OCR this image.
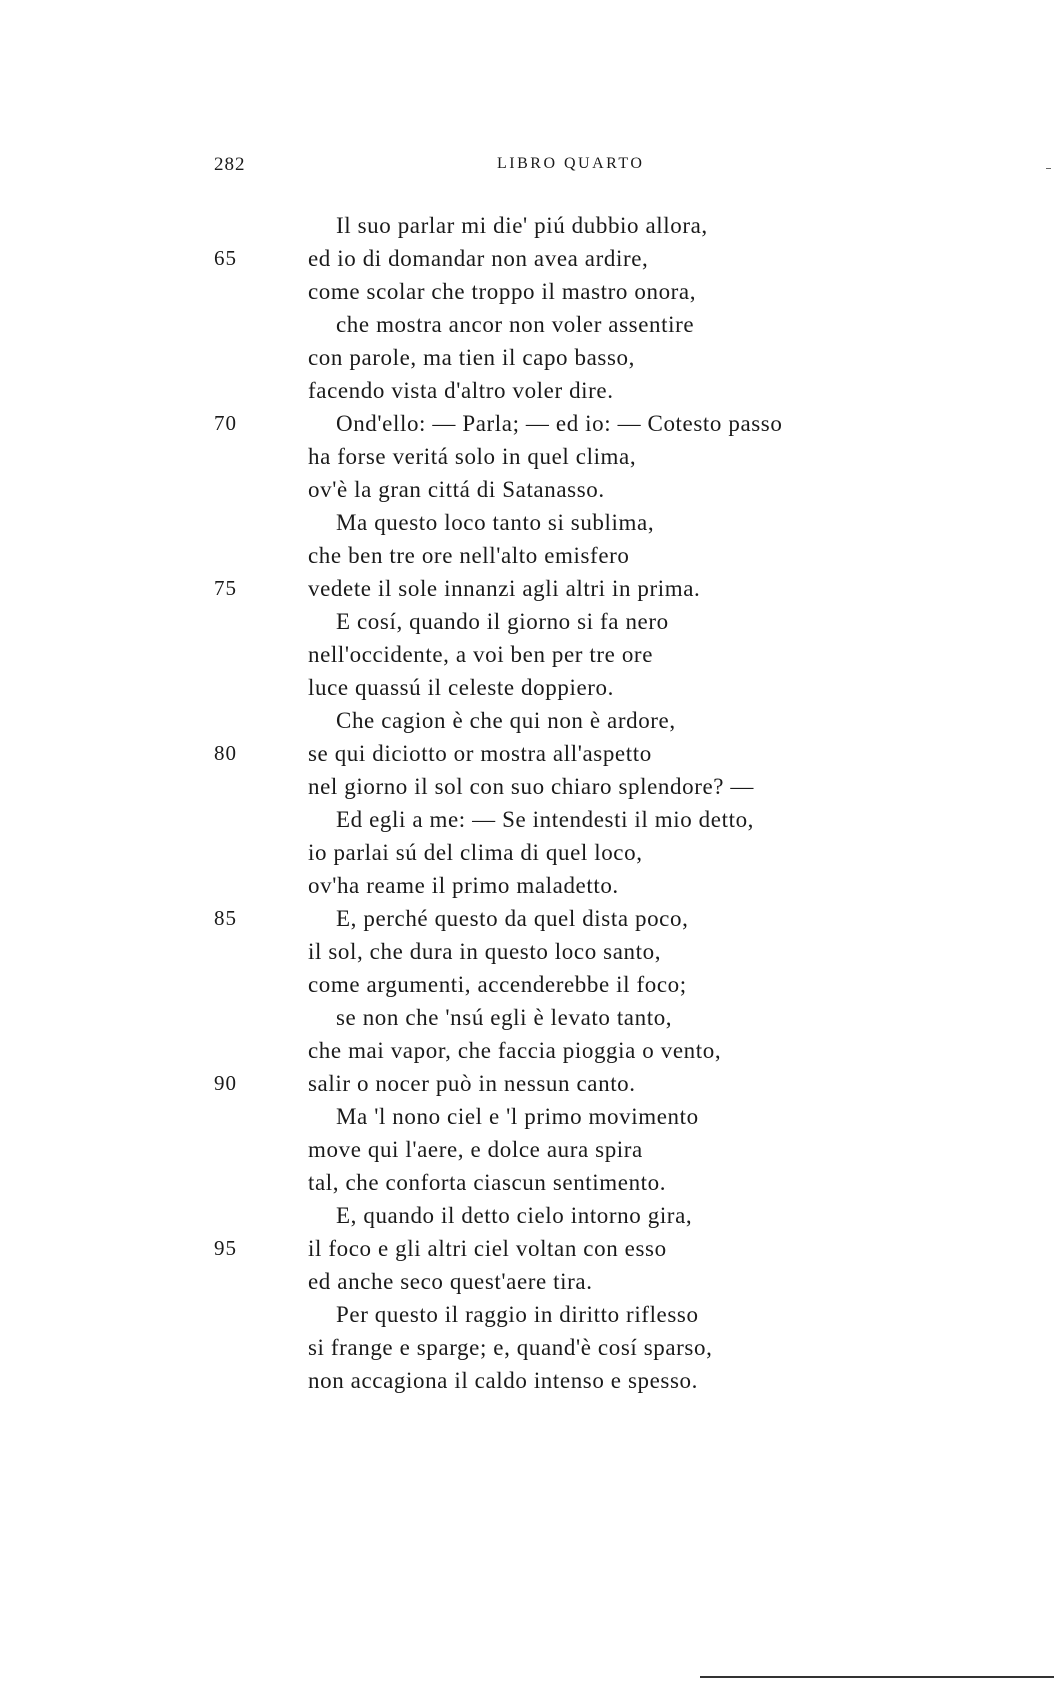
282	LIBRO QUARTO
65
70
75
80
85
90
95
Il suo parlar mi die' piú dubbio allora,
ed io di domandar non avea ardire,
come scolar che troppo il mastro onora,
che mostra ancor non voler assentire
con parole, ma tien il capo basso,
facendo vista d'altro voler dire.
Ond'ello: — Parla; — ed io: — Cotesto passo
ha forse veritá solo in quel clima,
ov'è la gran cittá di Satanasso.
Ma questo loco tanto si sublima,
che ben tre ore nell'alto emisfero
vedete il sole innanzi agli altri in prima.
E cosí, quando il giorno si fa nero
nell'occidente, a voi ben per tre ore
luce quassú il celeste doppiero.
Che cagion è che qui non è ardore,
se qui diciotto or mostra all'aspetto
nel giorno il sol con suo chiaro splendore? —
Ed egli a me: — Se intendesti il mio detto,
io parlai sú del clima di quel loco,
ov'ha reame il primo maladetto.
E, perché questo da quel dista poco,
il sol, che dura in questo loco santo,
come argumenti, accenderebbe il foco;
se non che 'nsú egli è levato tanto,
che mai vapor, che faccia pioggia o vento,
salir o nocer può in nessun canto.
Ma 'l nono ciel e 'l primo movimento
move qui l'aere, e dolce aura spira
tal, che conforta ciascun sentimento.
E, quando il detto cielo intorno gira,
il foco e gli altri ciel voltan con esso
ed anche seco quest'aere tira.
Per questo il raggio in diritto riflesso
si frange e sparge; e, quand'è cosí sparso,
non accagiona il caldo intenso e spesso.
